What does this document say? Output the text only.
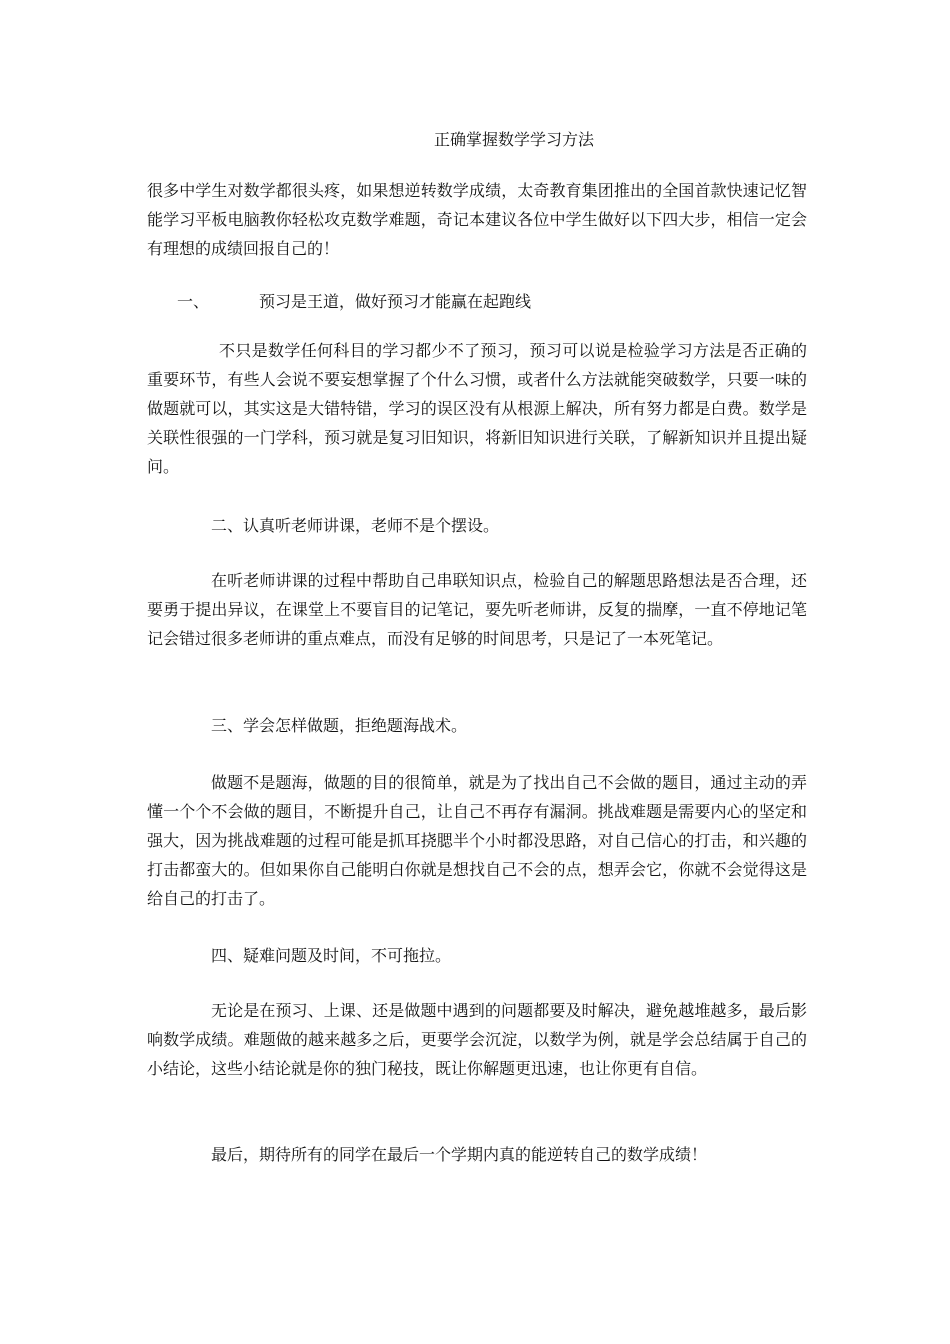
正确掌握数学学习方法

很多中学生对数学都很头疼，如果想逆转数学成绩，太奇教育集团推出的全国首款快速记忆智能学习平板电脑教你轻松攻克数学难题，奇记本建议各位中学生做好以下四大步，相信一定会有理想的成绩回报自己的！

一、	预习是王道，做好预习才能赢在起跑线

不只是数学任何科目的学习都少不了预习，预习可以说是检验学习方法是否正确的重要环节，有些人会说不要妄想掌握了个什么习惯，或者什么方法就能突破数学，只要一味的做题就可以，其实这是大错特错，学习的误区没有从根源上解决，所有努力都是白费。数学是关联性很强的一门学科，预习就是复习旧知识，将新旧知识进行关联，了解新知识并且提出疑问。

二、认真听老师讲课，老师不是个摆设。

在听老师讲课的过程中帮助自己串联知识点，检验自己的解题思路想法是否合理，还要勇于提出异议，在课堂上不要盲目的记笔记，要先听老师讲，反复的揣摩，一直不停地记笔记会错过很多老师讲的重点难点，而没有足够的时间思考，只是记了一本死笔记。

三、学会怎样做题，拒绝题海战术。

做题不是题海，做题的目的很简单，就是为了找出自己不会做的题目，通过主动的弄懂一个个不会做的题目，不断提升自己，让自己不再存有漏洞。挑战难题是需要内心的坚定和强大，因为挑战难题的过程可能是抓耳挠腮半个小时都没思路，对自己信心的打击，和兴趣的打击都蛮大的。但如果你自己能明白你就是想找自己不会的点，想弄会它，你就不会觉得这是给自己的打击了。

四、疑难问题及时间，不可拖拉。

无论是在预习、上课、还是做题中遇到的问题都要及时解决，避免越堆越多，最后影响数学成绩。难题做的越来越多之后，更要学会沉淀，以数学为例，就是学会总结属于自己的小结论，这些小结论就是你的独门秘技，既让你解题更迅速，也让你更有自信。

最后，期待所有的同学在最后一个学期内真的能逆转自己的数学成绩！
